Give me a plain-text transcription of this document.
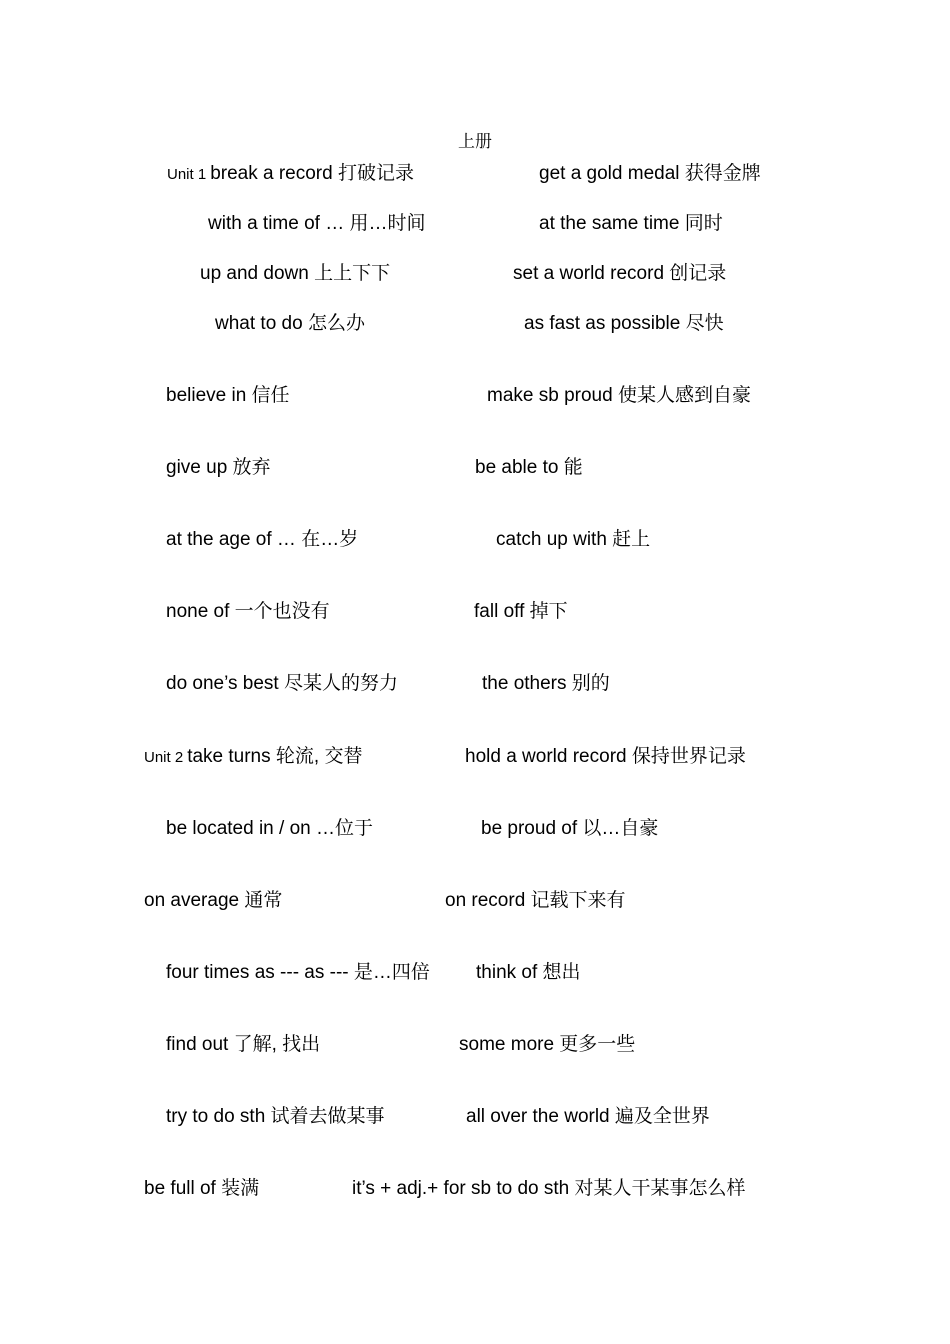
上册
Unit 1 break a record 打破记录	get a gold medal 获得金牌
with a time of … 用…时间	at the same time 同时
up and down 上上下下	set a world record 创记录
what to do 怎么办	as fast as possible 尽快
believe in 信任	make sb proud 使某人感到自豪
give up 放弃	be able to 能
at the age of … 在…岁	catch up with 赶上
none of 一个也没有	fall off 掉下
do one’s best 尽某人的努力	the others 别的
Unit 2 take turns 轮流, 交替	hold a world record 保持世界记录
be located in / on …位于	be proud of 以…自豪
on average 通常	on record 记载下来有
four times as --- as --- 是…四倍 think of 想出
find out 了解, 找出	some more 更多一些
try to do sth 试着去做某事	all over the world 遍及全世界
be full of 装满	it’s + adj.+ for sb to do sth 对某人干某事怎么样
